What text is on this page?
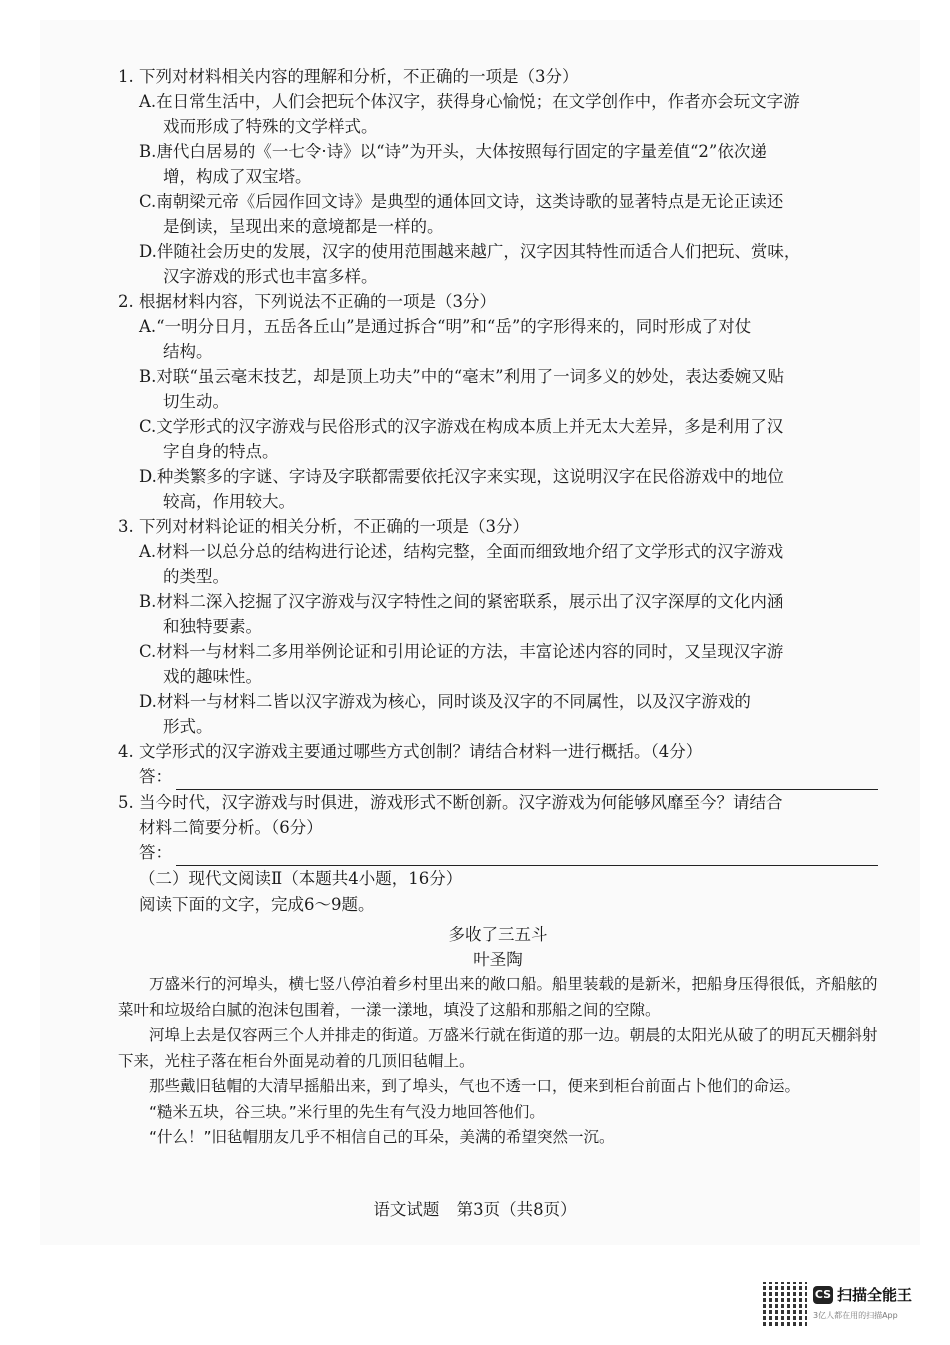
1. 下列对材料相关内容的理解和分析，不正确的一项是（3分）

A.在日常生活中，人们会把玩个体汉字，获得身心愉悦；在文学创作中，作者亦会玩文字游
戏而形成了特殊的文学样式。

B.唐代白居易的《一七令·诗》以“诗”为开头，大体按照每行固定的字量差值“2”依次递
增，构成了双宝塔。

C.南朝梁元帝《后园作回文诗》是典型的通体回文诗，这类诗歌的显著特点是无论正读还
是倒读，呈现出来的意境都是一样的。

D.伴随社会历史的发展，汉字的使用范围越来越广，汉字因其特性而适合人们把玩、赏味，
汉字游戏的形式也丰富多样。

2. 根据材料内容，下列说法不正确的一项是（3分）

A.“一明分日月，五岳各丘山”是通过拆合“明”和“岳”的字形得来的，同时形成了对仗
结构。

B.对联“虽云毫末技艺，却是顶上功夫”中的“毫末”利用了一词多义的妙处，表达委婉又贴
切生动。

C.文学形式的汉字游戏与民俗形式的汉字游戏在构成本质上并无太大差异，多是利用了汉
字自身的特点。

D.种类繁多的字谜、字诗及字联都需要依托汉字来实现，这说明汉字在民俗游戏中的地位
较高，作用较大。

3. 下列对材料论证的相关分析，不正确的一项是（3分）

A.材料一以总分总的结构进行论述，结构完整，全面而细致地介绍了文学形式的汉字游戏
的类型。

B.材料二深入挖掘了汉字游戏与汉字特性之间的紧密联系，展示出了汉字深厚的文化内涵
和独特要素。

C.材料一与材料二多用举例论证和引用论证的方法，丰富论述内容的同时，又呈现汉字游
戏的趣味性。

D.材料一与材料二皆以汉字游戏为核心，同时谈及汉字的不同属性，以及汉字游戏的
形式。

4. 文学形式的汉字游戏主要通过哪些方式创制？请结合材料一进行概括。（4分）

答：

5. 当今时代，汉字游戏与时俱进，游戏形式不断创新。汉字游戏为何能够风靡至今？请结合
材料二简要分析。（6分）

答：
（二）现代文阅读Ⅱ（本题共4小题，16分）
阅读下面的文字，完成6～9题。
多收了三五斗
叶圣陶

万盛米行的河埠头，横七竖八停泊着乡村里出来的敞口船。船里装载的是新米，把船身压得很低，齐船舷的菜叶和垃圾给白腻的泡沫包围着，一漾一漾地，填没了这船和那船之间的空隙。

河埠上去是仅容两三个人并排走的街道。万盛米行就在街道的那一边。朝晨的太阳光从破了的明瓦天棚斜射下来，光柱子落在柜台外面晃动着的几顶旧毡帽上。

那些戴旧毡帽的大清早摇船出来，到了埠头，气也不透一口，便来到柜台前面占卜他们的命运。

“糙米五块，谷三块。”米行里的先生有气没力地回答他们。

“什么！”旧毡帽朋友几乎不相信自己的耳朵，美满的希望突然一沉。

语文试题 第3页（共8页）
CS 扫描全能王
3亿人都在用的扫描App
